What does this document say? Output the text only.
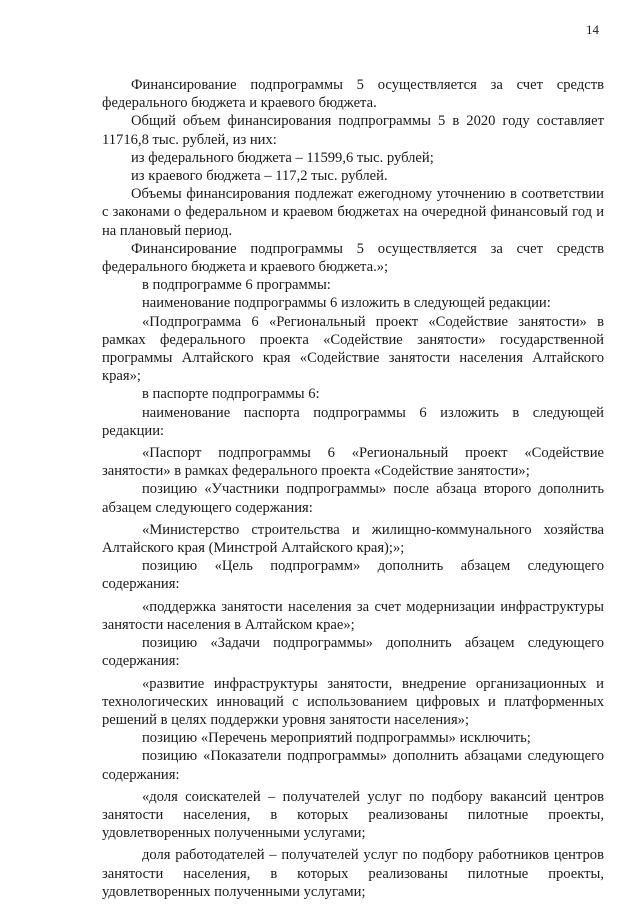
14

Финансирование подпрограммы 5 осуществляется за счет средств федерального бюджета и краевого бюджета.

Общий объем финансирования подпрограммы 5 в 2020 году составляет 11716,8 тыс. рублей, из них:

из федерального бюджета – 11599,6 тыс. рублей;

из краевого бюджета – 117,2 тыс. рублей.

Объемы финансирования подлежат ежегодному уточнению в соответствии с законами о федеральном и краевом бюджетах на очередной финансовый год и на плановый период.

Финансирование подпрограммы 5 осуществляется за счет средств федерального бюджета и краевого бюджета.»;

в подпрограмме 6 программы:

наименование подпрограммы 6 изложить в следующей редакции:

«Подпрограмма 6 «Региональный проект «Содействие занятости» в рамках федерального проекта «Содействие занятости» государственной программы Алтайского края «Содействие занятости населения Алтайского края»;

в паспорте подпрограммы 6:

наименование паспорта подпрограммы 6 изложить в следующей редакции:

«Паспорт подпрограммы 6 «Региональный проект «Содействие занятости» в рамках федерального проекта «Содействие занятости»;

позицию «Участники подпрограммы» после абзаца второго дополнить абзацем следующего содержания:

«Министерство строительства и жилищно-коммунального хозяйства Алтайского края (Минстрой Алтайского края);»;

позицию «Цель подпрограмм» дополнить абзацем следующего содержания:

«поддержка занятости населения за счет модернизации инфраструктуры занятости населения в Алтайском крае»;

позицию «Задачи подпрограммы» дополнить абзацем следующего содержания:

«развитие инфраструктуры занятости, внедрение организационных и технологических инноваций с использованием цифровых и платформенных решений в целях поддержки уровня занятости населения»;

позицию «Перечень мероприятий подпрограммы» исключить;

позицию «Показатели подпрограммы» дополнить абзацами следующего содержания:

«доля соискателей – получателей услуг по подбору вакансий центров занятости населения, в которых реализованы пилотные проекты, удовлетворенных полученными услугами;

доля работодателей – получателей услуг по подбору работников центров занятости населения, в которых реализованы пилотные проекты, удовлетворенных полученными услугами;
